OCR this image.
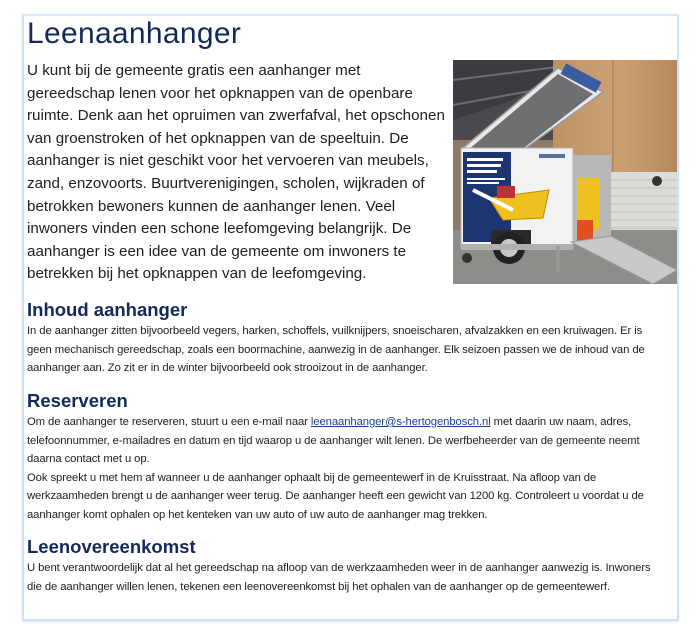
Leenaanhanger

U kunt bij de gemeente gratis een aanhanger met gereedschap lenen voor het opknappen van de openbare ruimte. Denk aan het opruimen van zwerfafval, het opschonen van groenstroken of het opknappen van de speeltuin. De aanhanger is niet geschikt voor het vervoeren van meubels, zand, enzovoorts. Buurtverenigingen, scholen, wijkraden of betrokken bewoners kunnen de aanhanger lenen. Veel inwoners vinden een schone leefomgeving belangrijk. De aanhanger is een idee van de gemeente om inwoners te betrekken bij het opknappen van de leefomgeving.

Inhoud aanhanger

In de aanhanger zitten bijvoorbeeld vegers, harken, schoffels, vuilknijpers, snoeischaren, afvalzakken en een kruiwagen. Er is geen mechanisch gereedschap, zoals een boormachine, aanwezig in de aanhanger. Elk seizoen passen we de inhoud van de aanhanger aan. Zo zit er in de winter bijvoorbeeld ook strooizout in de aanhanger.

Reserveren

Om de aanhanger te reserveren, stuurt u een e-mail naar leenaanhanger@s-hertogenbosch.nl met daarin uw naam, adres, telefoonnummer, e-mailadres en datum en tijd waarop u de aanhanger wilt lenen. De werfbeheerder van de gemeente neemt daarna contact met u op.

Ook spreekt u met hem af wanneer u de aanhanger ophaalt bij de gemeentewerf in de Kruisstraat. Na afloop van de werkzaamheden brengt u de aanhanger weer terug. De aanhanger heeft een gewicht van 1200 kg. Controleert u voordat u de aanhanger komt ophalen op het kenteken van uw auto of uw auto de aanhanger mag trekken.

Leenovereenkomst

U bent verantwoordelijk dat al het gereedschap na afloop van de werkzaamheden weer in de aanhanger aanwezig is. Inwoners die de aanhanger willen lenen, tekenen een leenovereenkomst bij het ophalen van de aanhanger op de gemeentewerf.
